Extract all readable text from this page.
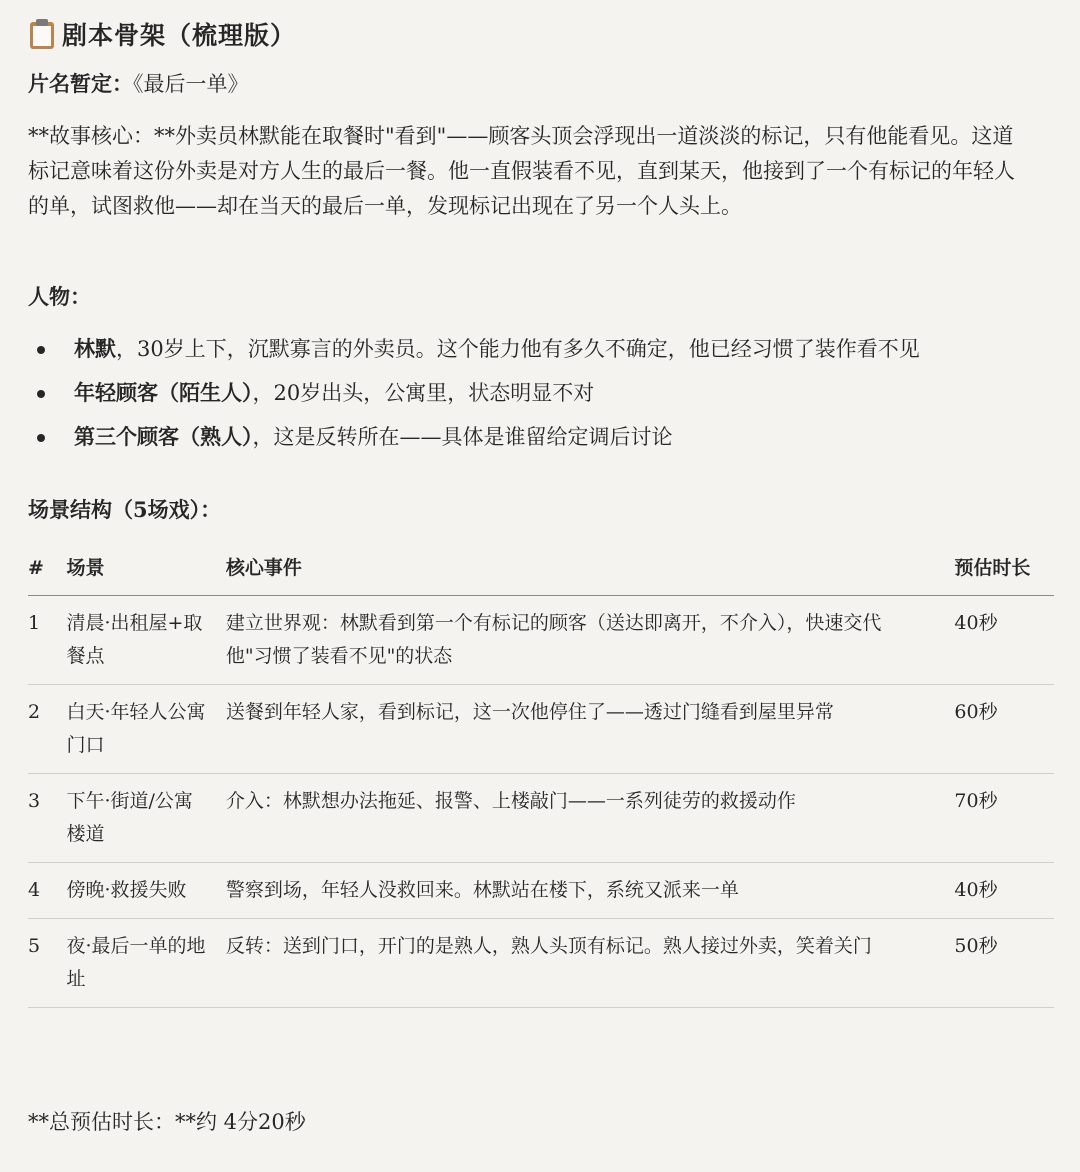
剧本骨架（梳理版）
片名暂定：《最后一单》
**故事核心：**外卖员林默能在取餐时"看到"——顾客头顶会浮现出一道淡淡的标记，只有他能看见。这道标记意味着这份外卖是对方人生的最后一餐。他一直假装看不见，直到某天，他接到了一个有标记的年轻人的单，试图救他——却在当天的最后一单，发现标记出现在了另一个人头上。
人物：
林默，30岁上下，沉默寡言的外卖员。这个能力他有多久不确定，他已经习惯了装作看不见
年轻顾客（陌生人），20岁出头，公寓里，状态明显不对
第三个顾客（熟人），这是反转所在——具体是谁留给定调后讨论
场景结构（5场戏）：
#	场景	核心事件	预估时长
1	清晨·出租屋+取餐点	建立世界观：林默看到第一个有标记的顾客（送达即离开，不介入），快速交代他"习惯了装看不见"的状态	40秒
2	白天·年轻人公寓门口	送餐到年轻人家，看到标记，这一次他停住了——透过门缝看到屋里异常	60秒
3	下午·街道/公寓楼道	介入：林默想办法拖延、报警、上楼敲门——一系列徒劳的救援动作	70秒
4	傍晚·救援失败	警察到场，年轻人没救回来。林默站在楼下，系统又派来一单	40秒
5	夜·最后一单的地址	反转：送到门口，开门的是熟人，熟人头顶有标记。熟人接过外卖，笑着关门	50秒
**总预估时长：**约 4分20秒
